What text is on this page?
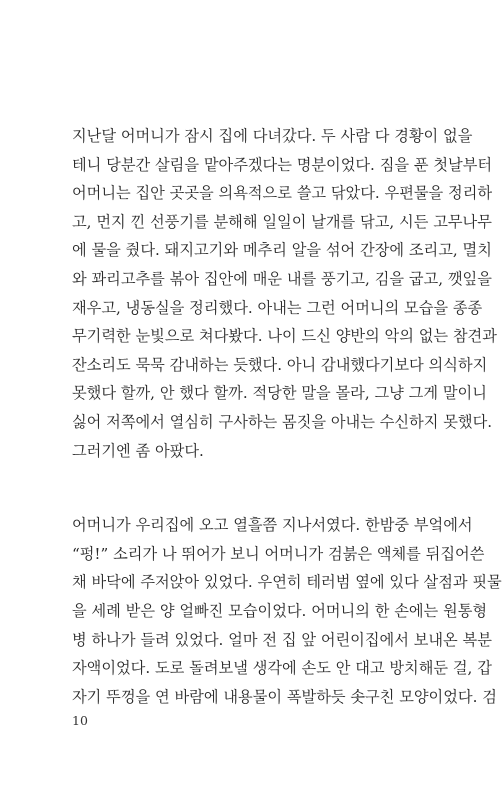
지난달 어머니가 잠시 집에 다녀갔다. 두 사람 다 경황이 없을
테니 당분간 살림을 맡아주겠다는 명분이었다. 짐을 푼 첫날부터
어머니는 집안 곳곳을 의욕적으로 쓸고 닦았다. 우편물을 정리하
고, 먼지 낀 선풍기를 분해해 일일이 날개를 닦고, 시든 고무나무
에 물을 줬다. 돼지고기와 메추리 알을 섞어 간장에 조리고, 멸치
와 꽈리고추를 볶아 집안에 매운 내를 풍기고, 김을 굽고, 깻잎을
재우고, 냉동실을 정리했다. 아내는 그런 어머니의 모습을 종종
무기력한 눈빛으로 쳐다봤다. 나이 드신 양반의 악의 없는 참견과
잔소리도 묵묵 감내하는 듯했다. 아니 감내했다기보다 의식하지
못했다 할까, 안 했다 할까. 적당한 말을 몰라, 그냥 그게 말이니
싫어 저쪽에서 열심히 구사하는 몸짓을 아내는 수신하지 못했다.
그러기엔 좀 아팠다.
어머니가 우리집에 오고 열흘쯤 지나서였다. 한밤중 부엌에서
“펑!” 소리가 나 뛰어가 보니 어머니가 검붉은 액체를 뒤집어쓴
채 바닥에 주저앉아 있었다. 우연히 테러범 옆에 있다 살점과 핏물
을 세례 받은 양 얼빠진 모습이었다. 어머니의 한 손에는 원통형
병 하나가 들려 있었다. 얼마 전 집 앞 어린이집에서 보내온 복분
자액이었다. 도로 돌려보낼 생각에 손도 안 대고 방치해둔 걸, 갑
자기 뚜껑을 연 바람에 내용물이 폭발하듯 솟구친 모양이었다. 검
10
